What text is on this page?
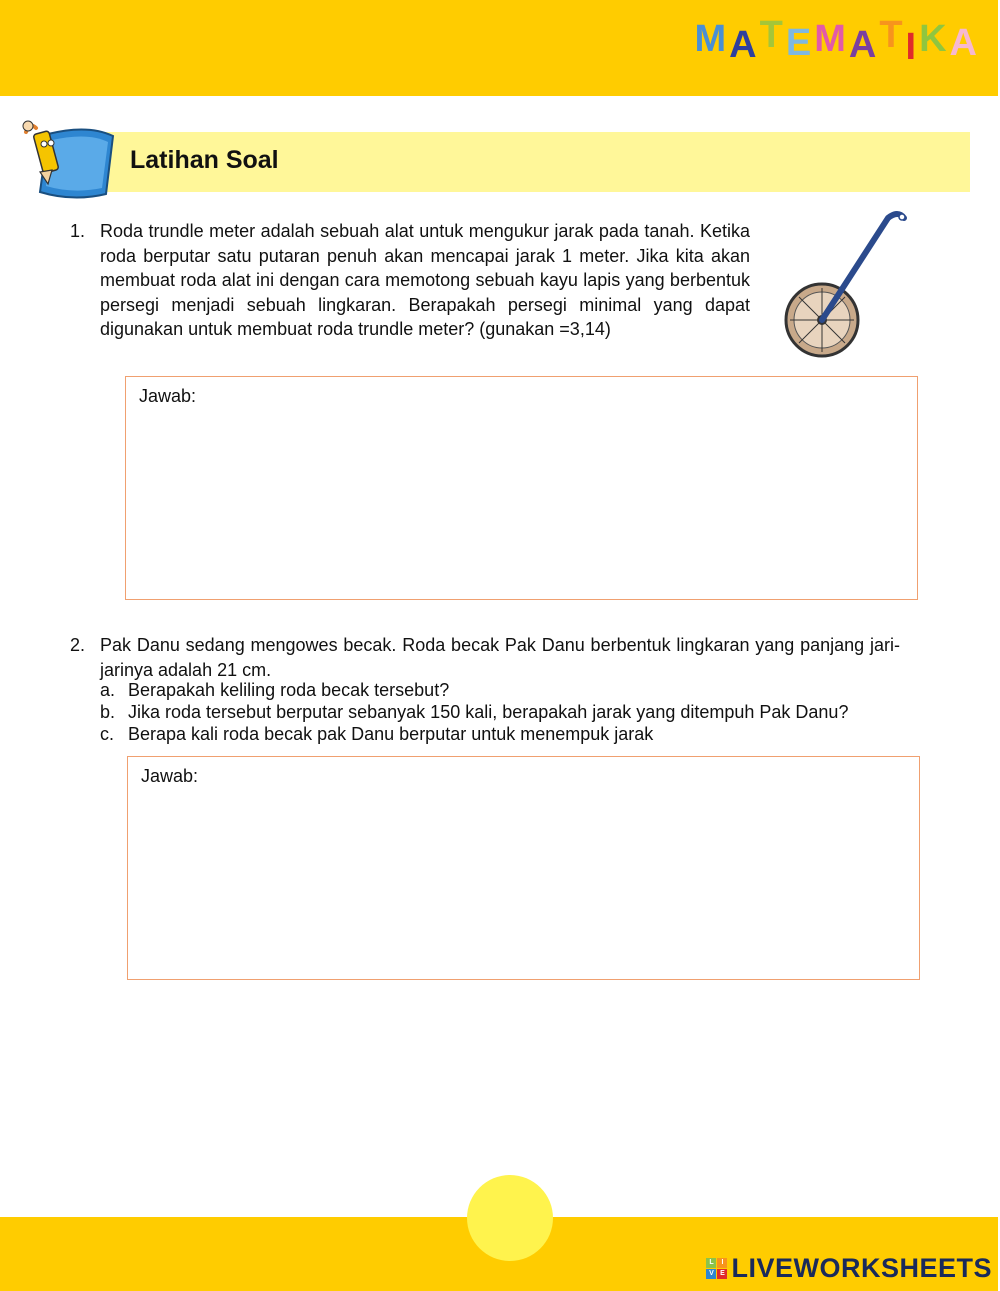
M A T E M A T I K A
Latihan Soal
1. Roda trundle meter adalah sebuah alat untuk mengukur jarak pada tanah. Ketika roda berputar satu putaran penuh akan mencapai jarak 1 meter. Jika kita akan membuat roda alat ini dengan cara memotong sebuah kayu lapis yang berbentuk persegi menjadi sebuah lingkaran. Berapakah persegi minimal yang dapat digunakan untuk membuat roda trundle meter? (gunakan =3,14)
Jawab:
2. Pak Danu sedang mengowes becak. Roda becak Pak Danu berbentuk lingkaran yang panjang jari-jarinya adalah 21 cm.
a. Berapakah keliling roda becak tersebut?
b. Jika roda tersebut berputar sebanyak 150 kali, berapakah jarak yang ditempuh Pak Danu?
c. Berapa kali roda becak pak Danu berputar untuk menempuk jarak
Jawab:
L	I
V E LIVEWORKSHEETS
